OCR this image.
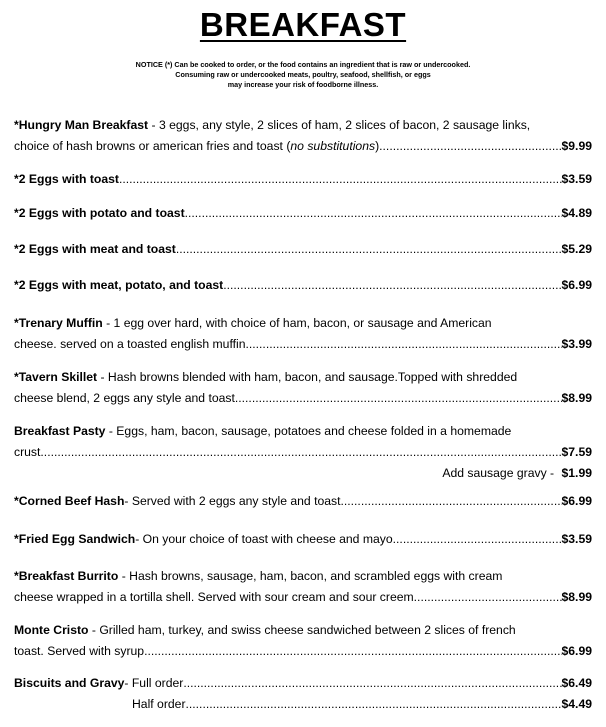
BREAKFAST
NOTICE (*) Can be cooked to order, or the food contains an ingredient that is raw or undercooked.
Consuming raw or undercooked meats, poultry, seafood, shellfish, or eggs
may increase your risk of foodborne illness.
*Hungry Man Breakfast - 3 eggs, any style, 2 slices of ham, 2 slices of bacon, 2 sausage links,
choice of hash browns or american fries and toast ( no substitutions ) .....	$9.99
*2 Eggs with toast .....	$3.59
*2 Eggs with potato and toast .....	$4.89
*2 Eggs with meat and toast .....	$5.29
*2 Eggs with meat, potato, and toast .....	$6.99
*Trenary Muffin - 1 egg over hard, with choice of ham, bacon, or sausage and American
cheese. served on a toasted english muffin .....	$3.99
*Tavern Skillet - Hash browns blended with ham, bacon, and sausage.Topped with shredded
cheese blend, 2 eggs any style and toast .....	$8.99
Breakfast Pasty - Eggs, ham, bacon, sausage, potatoes and cheese folded in a homemade
crust .....	$7.59
Add sausage gravy - $1.99
*Corned Beef Hash - Served with 2 eggs any style and toast .....	$6.99
*Fried Egg Sandwich - On your choice of toast with cheese and mayo .....	$3.59
*Breakfast Burrito - Hash browns, sausage, ham, bacon, and scrambled eggs with cream
cheese wrapped in a tortilla shell. Served with sour cream and sour creem .....	$8.99
Monte Cristo - Grilled ham, turkey, and swiss cheese sandwiched between 2 slices of french
toast. Served with syrup .....	$6.99
Biscuits and Gravy - Full order .....	$6.49
Half order .....	$4.49
